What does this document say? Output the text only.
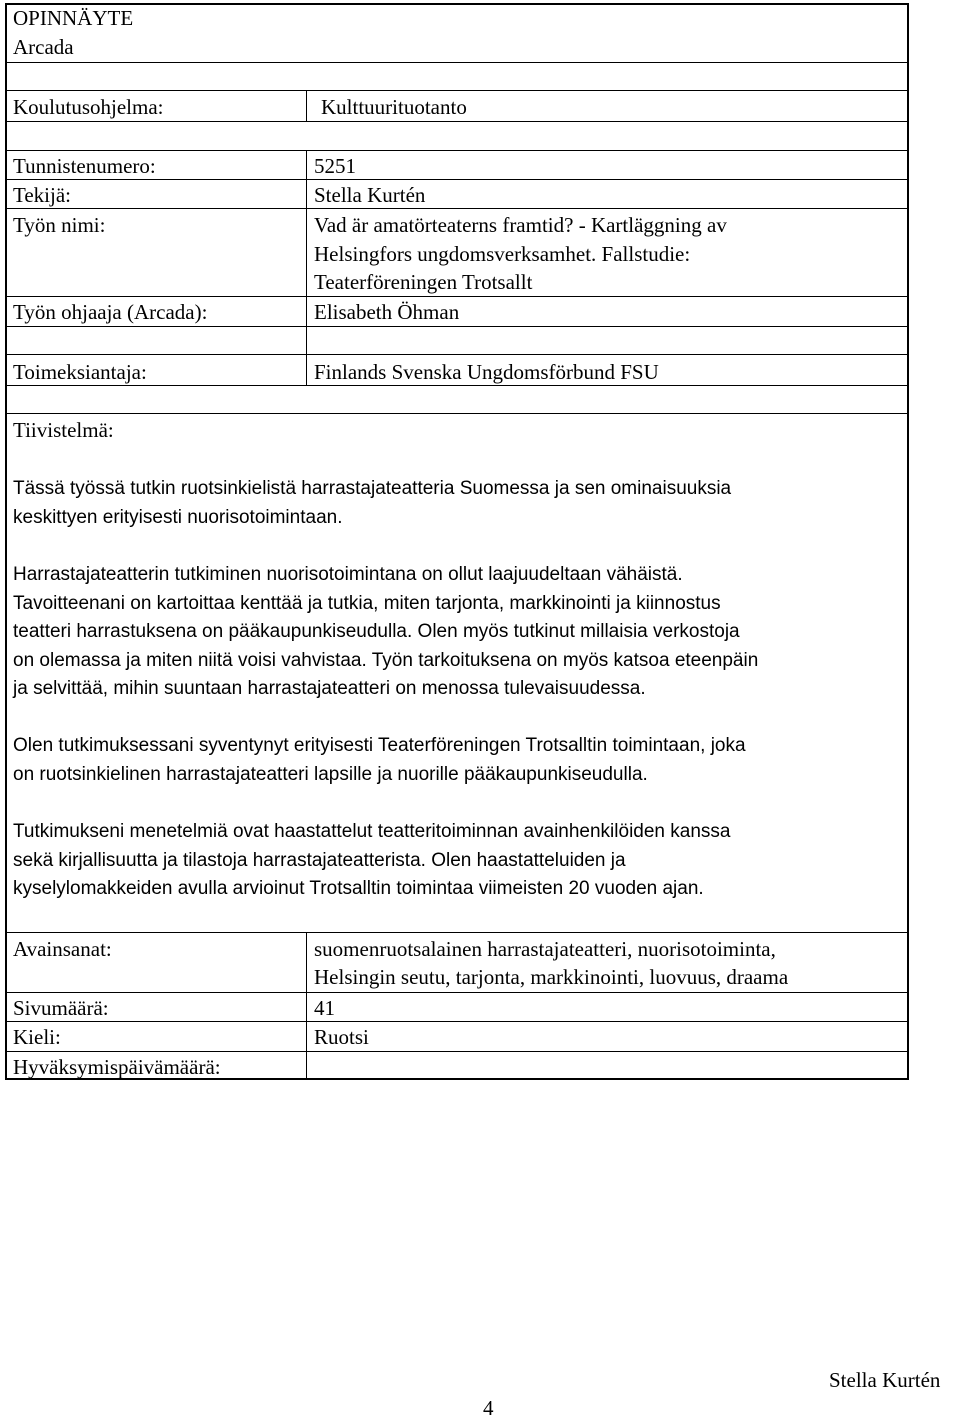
OPINNÄYTE
Arcada
Koulutusohjelma:	Kulttuurituotanto
Tunnistenumero:	5251
Tekijä:	Stella Kurtén
Työn nimi:	Vad är amatörteaterns framtid? - Kartläggning av
Helsingfors ungdomsverksamhet. Fallstudie:
Teaterföreningen Trotsallt
Työn ohjaaja (Arcada):	Elisabeth Öhman
Toimeksiantaja:	Finlands Svenska Ungdomsförbund FSU
Tiivistelmä:

Tässä työssä tutkin ruotsinkielistä harrastajateatteria Suomessa ja sen ominaisuuksia

keskittyen erityisesti nuorisotoimintaan.

Harrastajateatterin tutkiminen nuorisotoimintana on ollut laajuudeltaan vähäistä.

Tavoitteenani on kartoittaa kenttää ja tutkia, miten tarjonta, markkinointi ja kiinnostus

teatteri harrastuksena on pääkaupunkiseudulla. Olen myös tutkinut millaisia verkostoja

on olemassa ja miten niitä voisi vahvistaa. Työn tarkoituksena on myös katsoa eteenpäin

ja selvittää, mihin suuntaan harrastajateatteri on menossa tulevaisuudessa.

Olen tutkimuksessani syventynyt erityisesti Teaterföreningen Trotsalltin toimintaan, joka

on ruotsinkielinen harrastajateatteri lapsille ja nuorille pääkaupunkiseudulla.

Tutkimukseni menetelmiä ovat haastattelut teatteritoiminnan avainhenkilöiden kanssa

sekä kirjallisuutta ja tilastoja harrastajateatterista. Olen haastatteluiden ja

kyselylomakkeiden avulla arvioinut Trotsalltin toimintaa viimeisten 20 vuoden ajan.

Avainsanat:	suomenruotsalainen harrastajateatteri, nuorisotoiminta,
Helsingin seutu, tarjonta, markkinointi, luovuus, draama
Sivumäärä:	41
Kieli:	Ruotsi
Hyväksymispäivämäärä:
Stella Kurtén
4
